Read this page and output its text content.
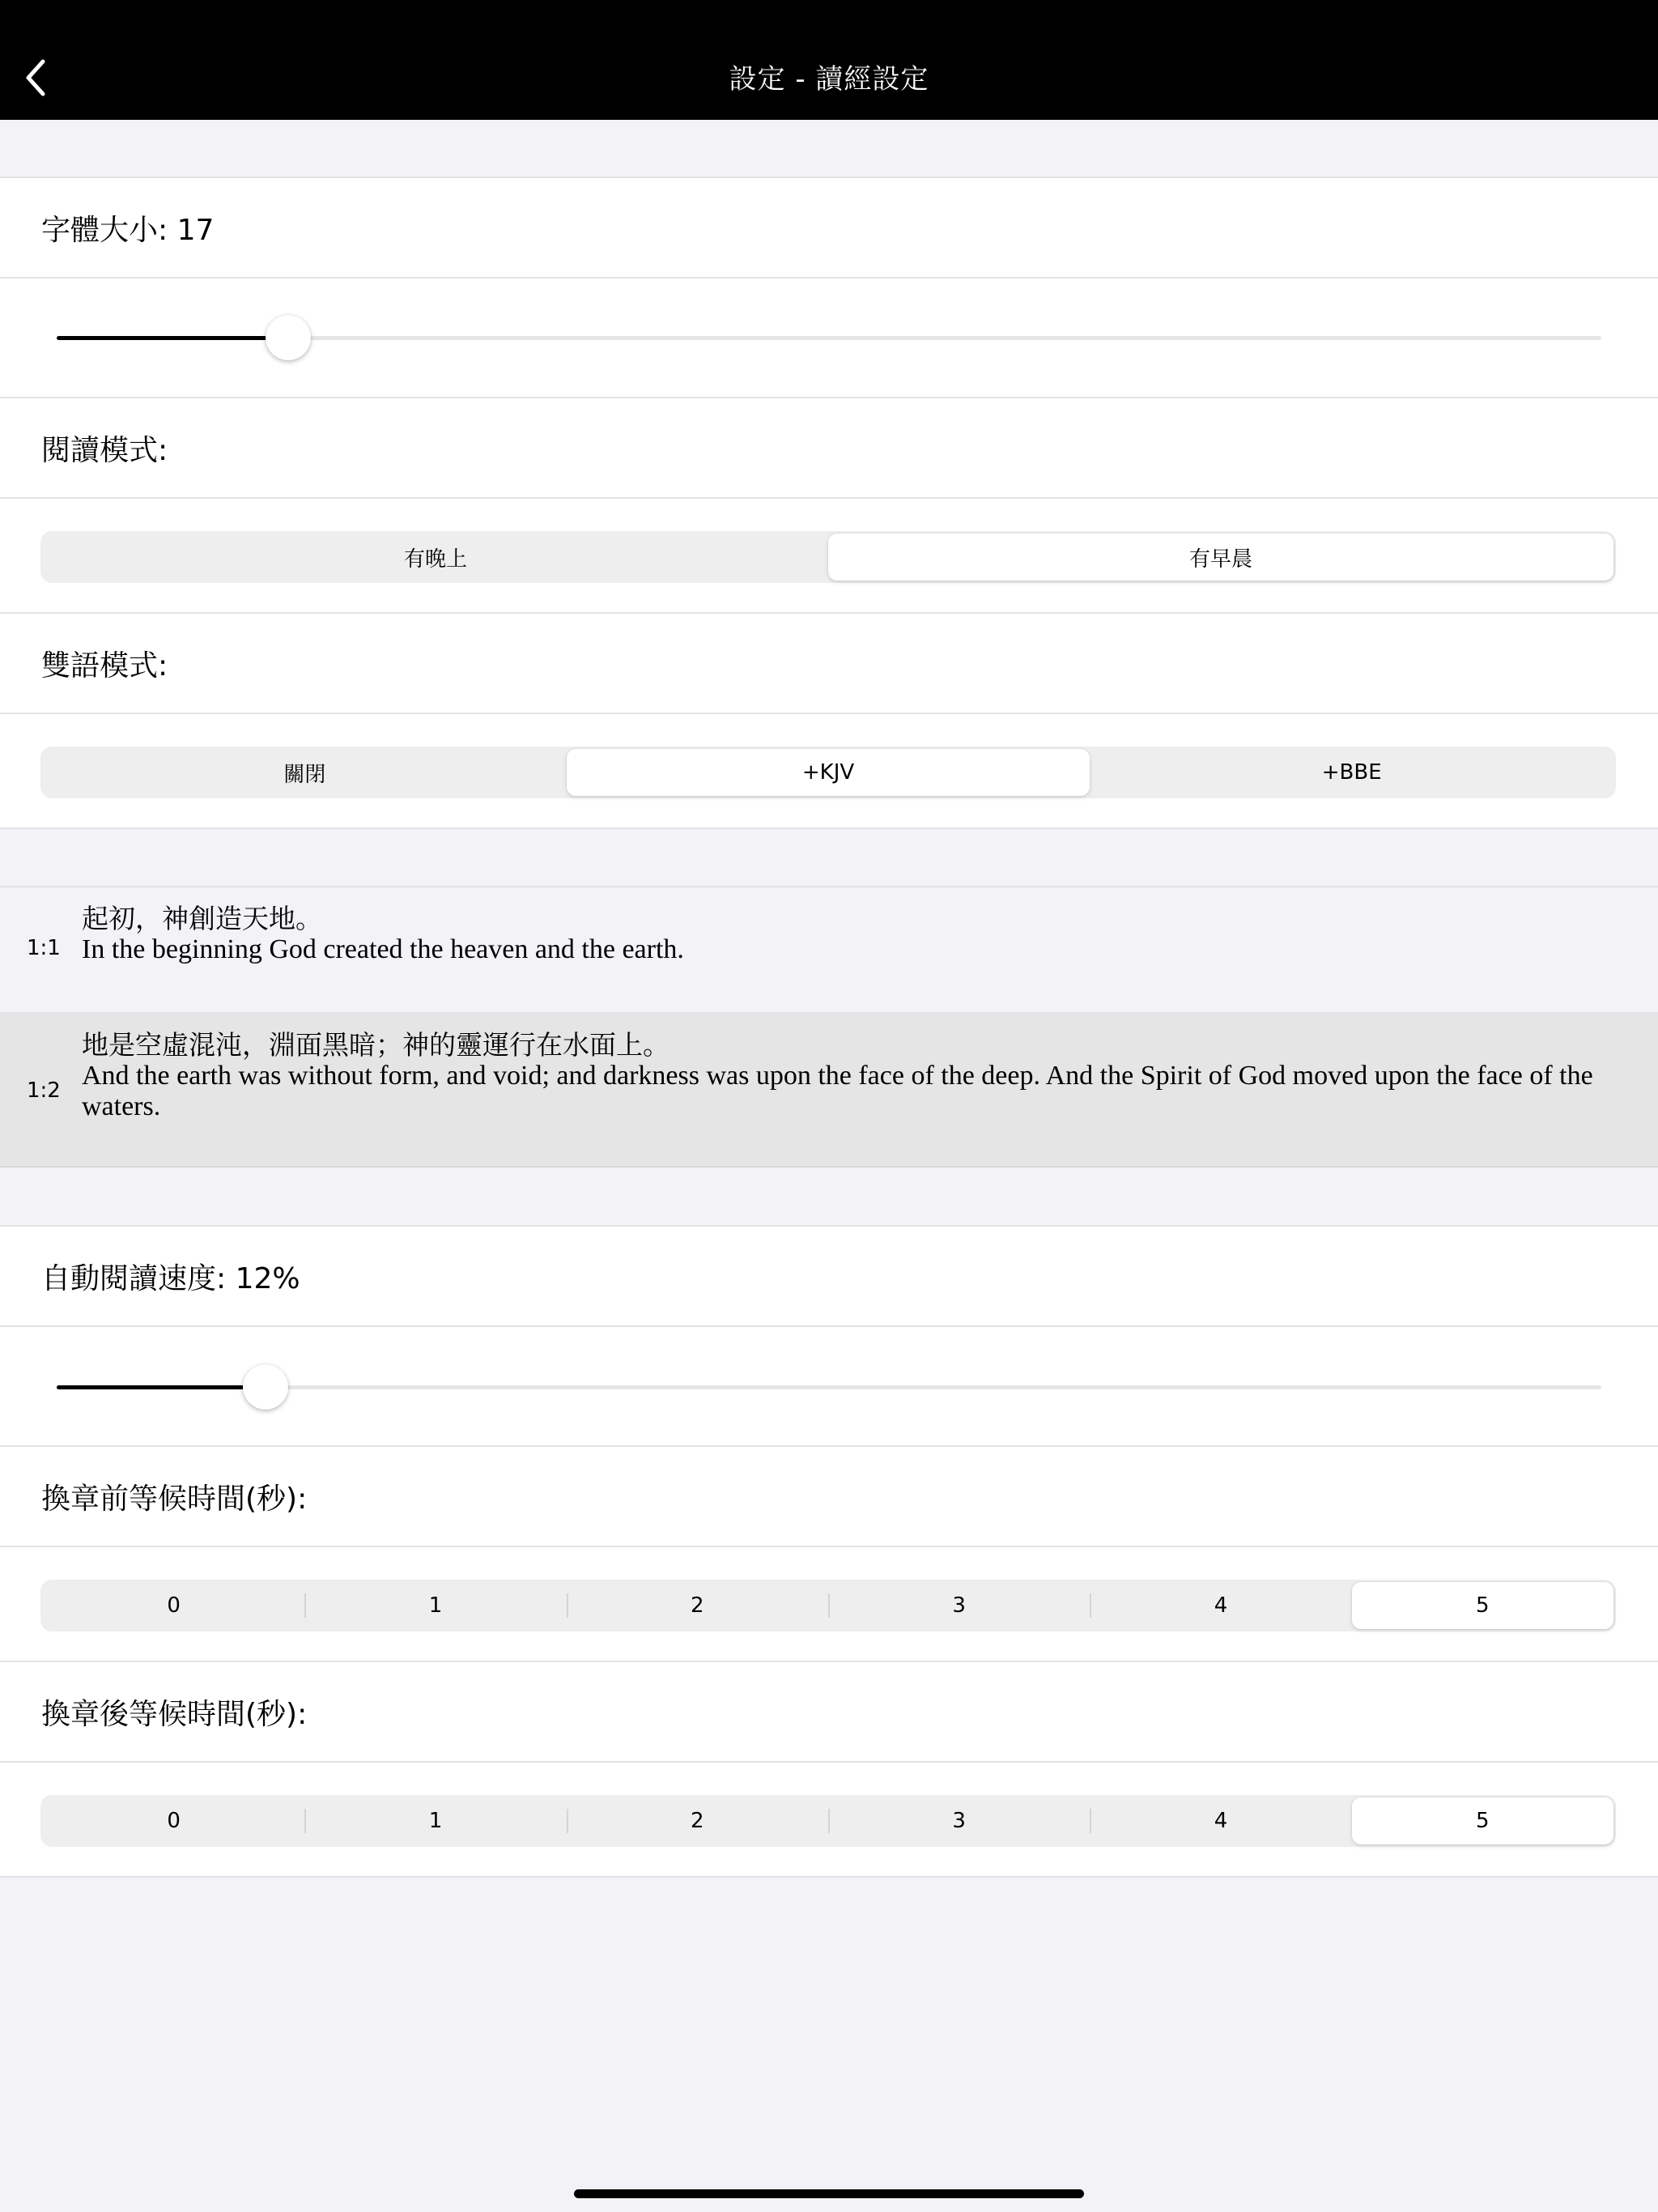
設定 - 讀經設定
字體大小: 17
閱讀模式:
有晚上	有早晨
雙語模式:
關閉	+KJV	+BBE
1:1
起初，神創造天地。
In the beginning God created the heaven and the earth.
1:2
地是空虛混沌，淵面黑暗；神的靈運行在水面上。
And the earth was without form, and void; and darkness was upon the face of the deep. And the Spirit of God moved upon the face of the waters.
自動閱讀速度: 12%
換章前等候時間(秒):
0	1	2	3	4	5
換章後等候時間(秒):
0	1	2	3	4	5
